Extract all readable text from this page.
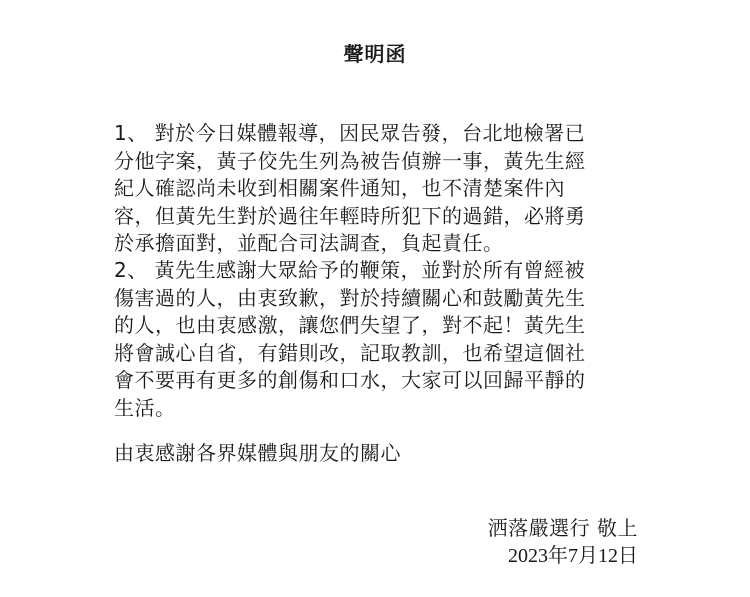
聲明函
1、 對於今日媒體報導，因民眾告發，台北地檢署已
分他字案，黃子佼先生列為被告偵辦一事，黃先生經
紀人確認尚未收到相關案件通知，也不清楚案件內
容，但黃先生對於過往年輕時所犯下的過錯，必將勇
於承擔面對，並配合司法調查，負起責任。
2、 黃先生感謝大眾給予的鞭策，並對於所有曾經被
傷害過的人，由衷致歉，對於持續關心和鼓勵黃先生
的人，也由衷感激，讓您們失望了，對不起！黃先生
將會誠心自省，有錯則改，記取教訓，也希望這個社
會不要再有更多的創傷和口水，大家可以回歸平靜的
生活。
由衷感謝各界媒體與朋友的關心
洒落嚴選行 敬上
2023年7月12日
